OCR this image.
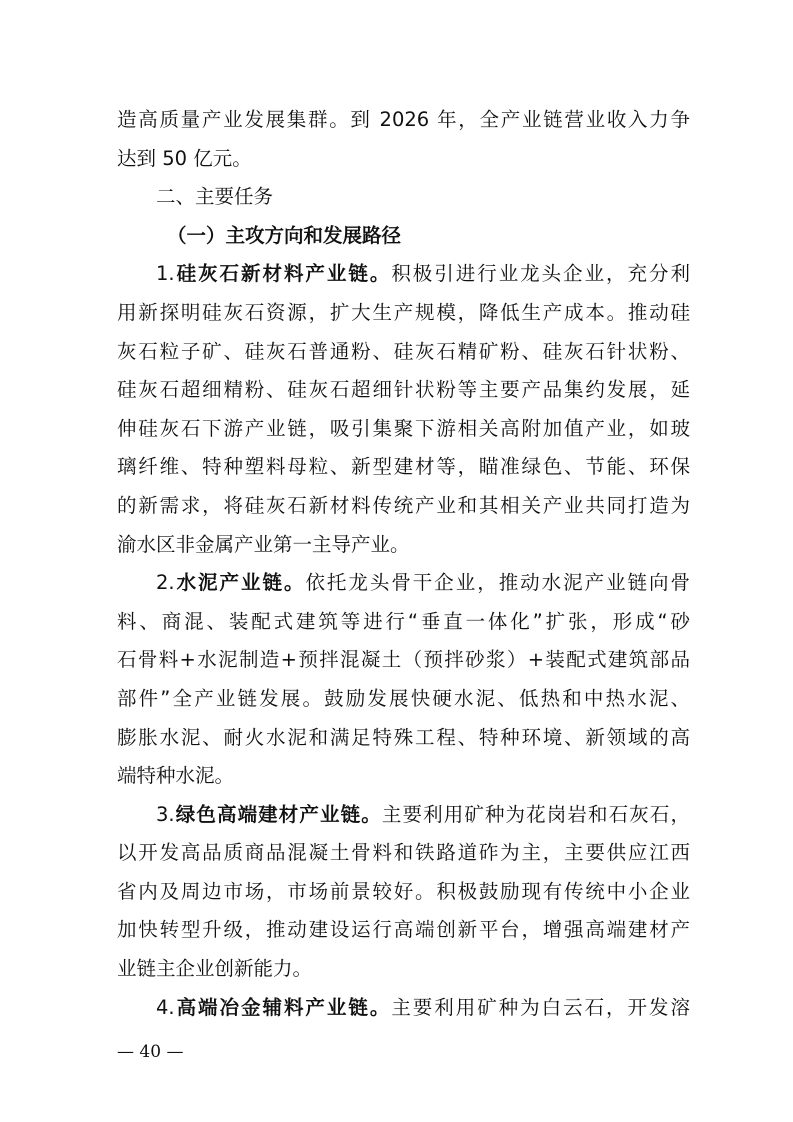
造高质量产业发展集群。到 2026 年，全产业链营业收入力争
达到 50 亿元。
二、主要任务
（一）主攻方向和发展路径
1.硅灰石新材料产业链。积极引进行业龙头企业，充分利
用新探明硅灰石资源，扩大生产规模，降低生产成本。推动硅
灰石粒子矿、硅灰石普通粉、硅灰石精矿粉、硅灰石针状粉、
硅灰石超细精粉、硅灰石超细针状粉等主要产品集约发展，延
伸硅灰石下游产业链，吸引集聚下游相关高附加值产业，如玻
璃纤维、特种塑料母粒、新型建材等，瞄准绿色、节能、环保
的新需求，将硅灰石新材料传统产业和其相关产业共同打造为
渝水区非金属产业第一主导产业。
2.水泥产业链。依托龙头骨干企业，推动水泥产业链向骨
料、商混、装配式建筑等进行“垂直一体化”扩张，形成“砂
石骨料+水泥制造+预拌混凝土（预拌砂浆）+装配式建筑部品
部件”全产业链发展。鼓励发展快硬水泥、低热和中热水泥、
膨胀水泥、耐火水泥和满足特殊工程、特种环境、新领域的高
端特种水泥。
3.绿色高端建材产业链。主要利用矿种为花岗岩和石灰石，
以开发高品质商品混凝土骨料和铁路道砟为主，主要供应江西
省内及周边市场，市场前景较好。积极鼓励现有传统中小企业
加快转型升级，推动建设运行高端创新平台，增强高端建材产
业链主企业创新能力。
4.高端冶金辅料产业链。主要利用矿种为白云石，开发溶
— 40 —
